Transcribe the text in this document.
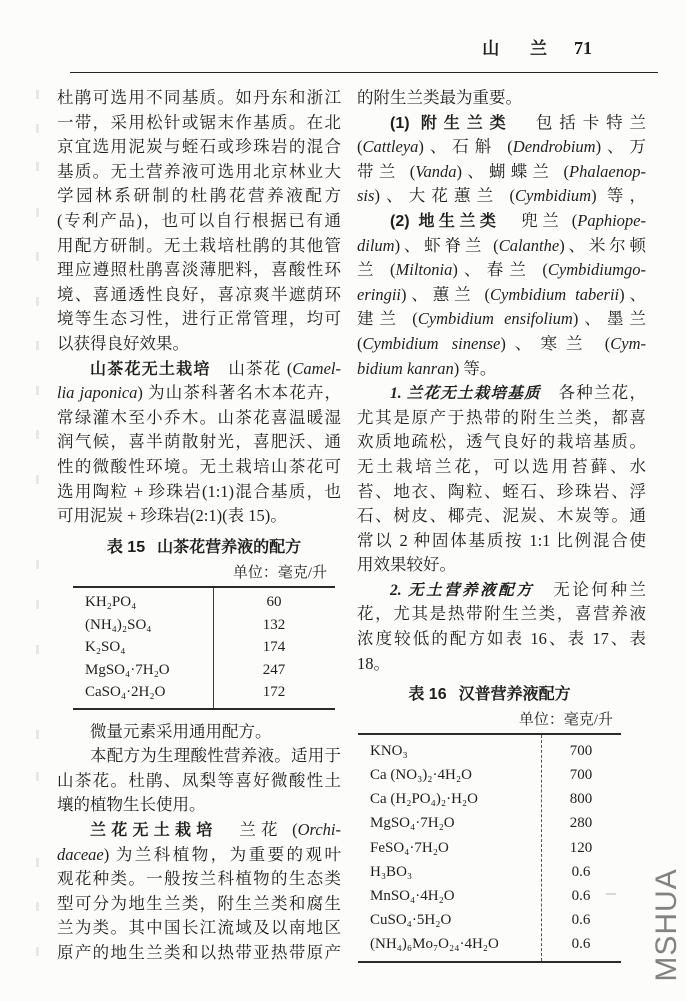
山 兰 71
杜鹃可选用不同基质。如丹东和浙江
一带，采用松针或锯末作基质。在北
京宜选用泥炭与蛭石或珍珠岩的混合
基质。无土营养液可选用北京林业大
学园林系研制的杜鹃花营养液配方
(专利产品)，也可以自行根据已有通
用配方研制。无土栽培杜鹃的其他管
理应遵照杜鹃喜淡薄肥料，喜酸性环
境、喜通透性良好，喜凉爽半遮荫环
境等生态习性，进行正常管理，均可
以获得良好效果。
山茶花无土栽培　山茶花 (Camel-
lia japonica) 为山茶科著名木本花卉，
常绿灌木至小乔木。山茶花喜温暖湿
润气候，喜半荫散射光，喜肥沃、通
性的微酸性环境。无土栽培山茶花可
选用陶粒 + 珍珠岩(1:1)混合基质，也
可用泥炭 + 珍珠岩(2:1)(表 15)。
表 15 山茶花营养液的配方
单位：毫克/升
KH₂PO₄	60
(NH₄)₂SO₄	132
K₂SO₄	174
MgSO₄·7H₂O	247
CaSO₄·2H₂O	172
微量元素采用通用配方。
本配方为生理酸性营养液。适用于
山茶花。杜鹃、凤梨等喜好微酸性土
壤的植物生长使用。
兰花无土栽培　兰花 (Orchi-
daceae) 为兰科植物，为重要的观叶
观花种类。一般按兰科植物的生态类
型可分为地生兰类，附生兰类和腐生
兰为类。其中国长江流域及以南地区
原产的地生兰类和以热带亚热带原产
的附生兰类最为重要。
(1) 附生兰类　包括卡特兰
(Cattleya)、石斛 (Dendrobium)、万
带兰 (Vanda)、蝴蝶兰 (Phalaenop-
sis)、大花蕙兰 (Cymbidium) 等，
(2) 地生兰类　兜兰 (Paphiope-
dilum)、虾脊兰 (Calanthe)、米尔顿
兰 (Miltonia)、春兰 (Cymbidiumgo-
eringii)、蕙兰 (Cymbidium taberii)、
建兰 (Cymbidium ensifolium)、墨兰
(Cymbidium sinense)、寒兰 (Cym-
bidium kanran) 等。
1. 兰花无土栽培基质　各种兰花，
尤其是原产于热带的附生兰类，都喜
欢质地疏松，透气良好的栽培基质。
无土栽培兰花，可以选用苔藓、水
苔、地衣、陶粒、蛭石、珍珠岩、浮
石、树皮、椰壳、泥炭、木炭等。通
常以 2 种固体基质按 1:1 比例混合使
用效果较好。
2. 无土营养液配方　无论何种兰
花，尤其是热带附生兰类，喜营养液
浓度较低的配方如表 16、表 17、表
18。
表 16 汉普营养液配方
单位：毫克/升
KNO₃	700
Ca (NO₃)₂·4H₂O	700
Ca (H₂PO₄)₂·H₂O	800
MgSO₄·7H₂O	280
FeSO₄·7H₂O	120
H₃BO₃	0.6
MnSO₄·4H₂O	0.6
CuSO₄·5H₂O	0.6
(NH₄)₆Mo₇O₂₄·4H₂O	0.6	MSHUA
